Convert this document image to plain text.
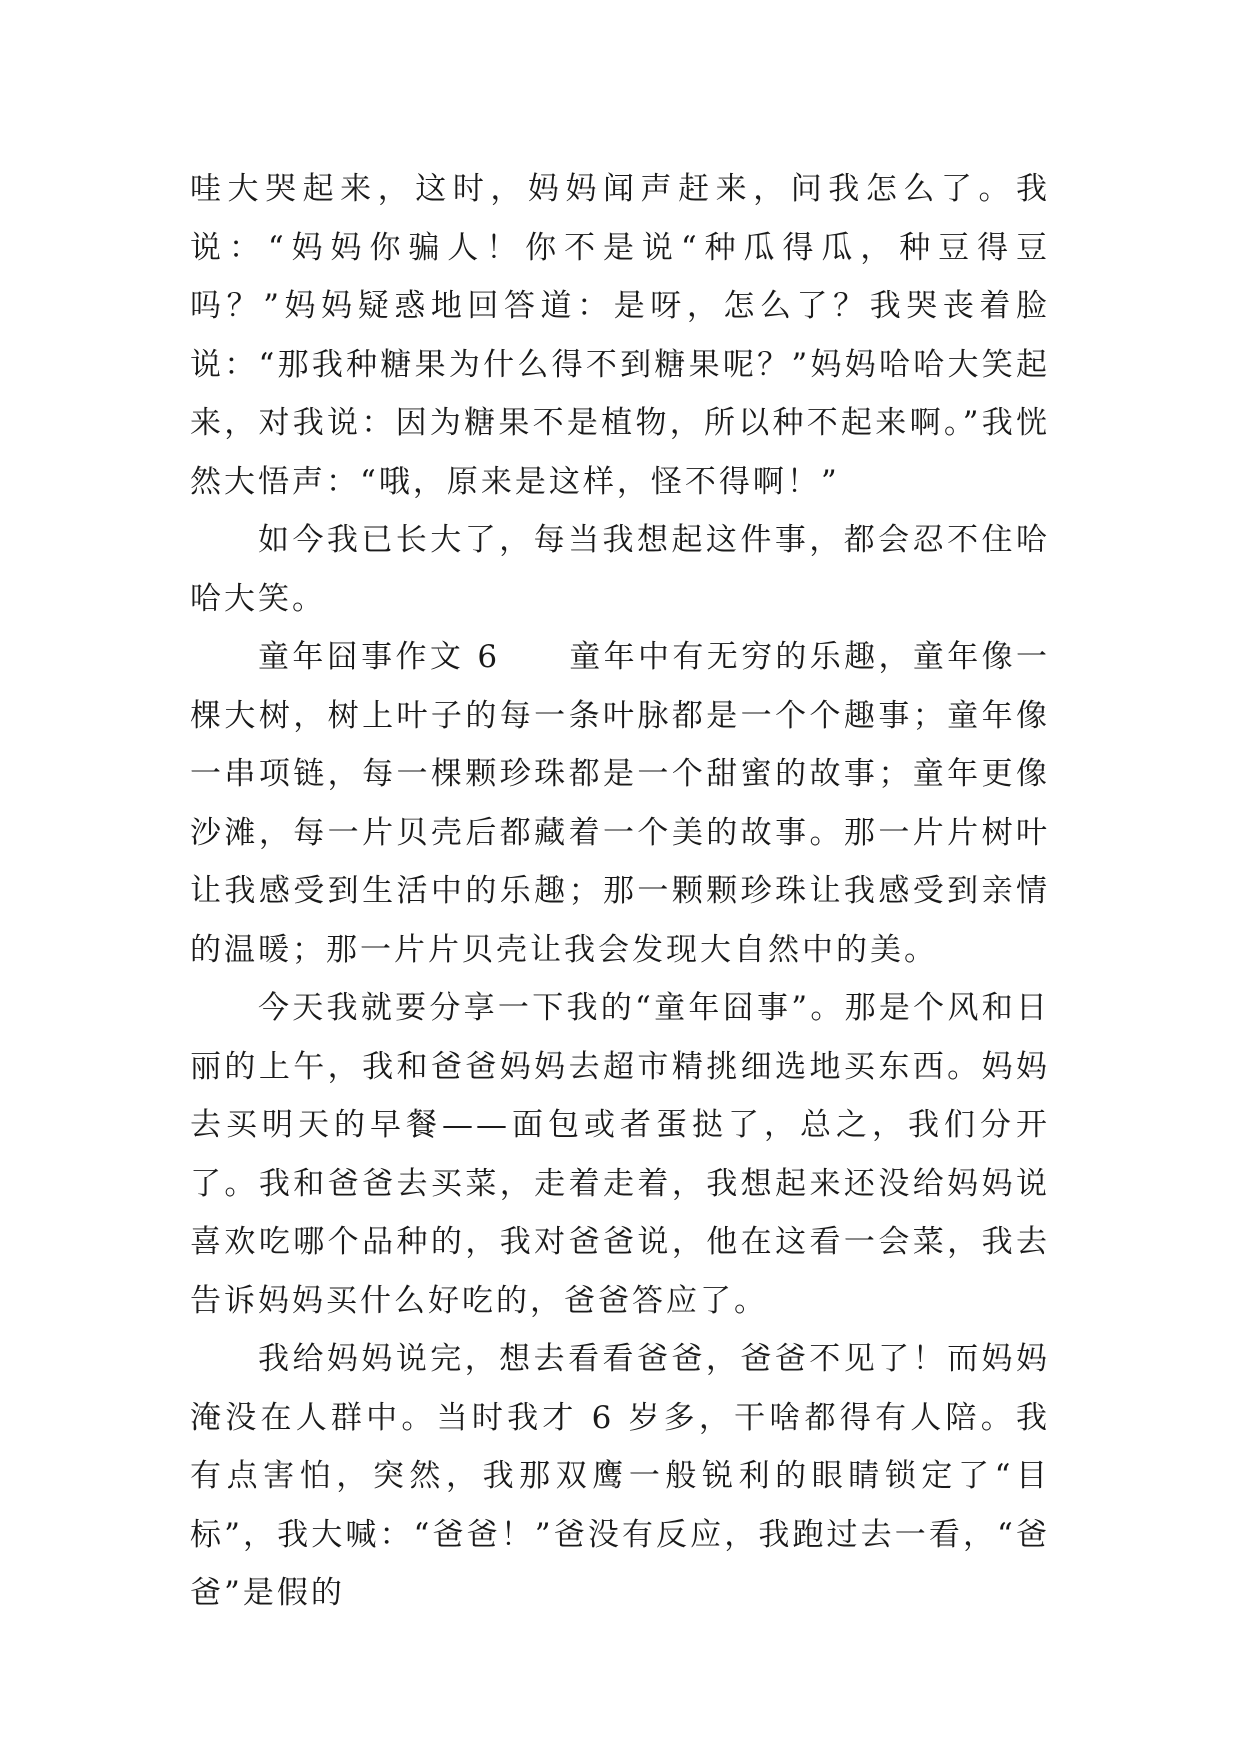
哇大哭起来，这时，妈妈闻声赶来，问我怎么了。我说：“妈妈你骗人！你不是说“种瓜得瓜，种豆得豆吗？”妈妈疑惑地回答道：是呀，怎么了？我哭丧着脸说：“那我种糖果为什么得不到糖果呢？”妈妈哈哈大笑起来，对我说：因为糖果不是植物，所以种不起来啊。”我恍然大悟声：“哦，原来是这样，怪不得啊！”

如今我已长大了，每当我想起这件事，都会忍不住哈哈大笑。

童年囧事作文 6　　童年中有无穷的乐趣，童年像一棵大树，树上叶子的每一条叶脉都是一个个趣事；童年像一串项链，每一棵颗珍珠都是一个甜蜜的故事；童年更像沙滩，每一片贝壳后都藏着一个美的故事。那一片片树叶让我感受到生活中的乐趣；那一颗颗珍珠让我感受到亲情的温暖；那一片片贝壳让我会发现大自然中的美。

今天我就要分享一下我的“童年囧事”。那是个风和日丽的上午，我和爸爸妈妈去超市精挑细选地买东西。妈妈去买明天的早餐——面包或者蛋挞了，总之，我们分开了。我和爸爸去买菜，走着走着，我想起来还没给妈妈说喜欢吃哪个品种的，我对爸爸说，他在这看一会菜，我去告诉妈妈买什么好吃的，爸爸答应了。

我给妈妈说完，想去看看爸爸，爸爸不见了！而妈妈淹没在人群中。当时我才 6 岁多，干啥都得有人陪。我有点害怕，突然，我那双鹰一般锐利的眼睛锁定了“目标”，我大喊：“爸爸！”爸没有反应，我跑过去一看，“爸爸”是假的
